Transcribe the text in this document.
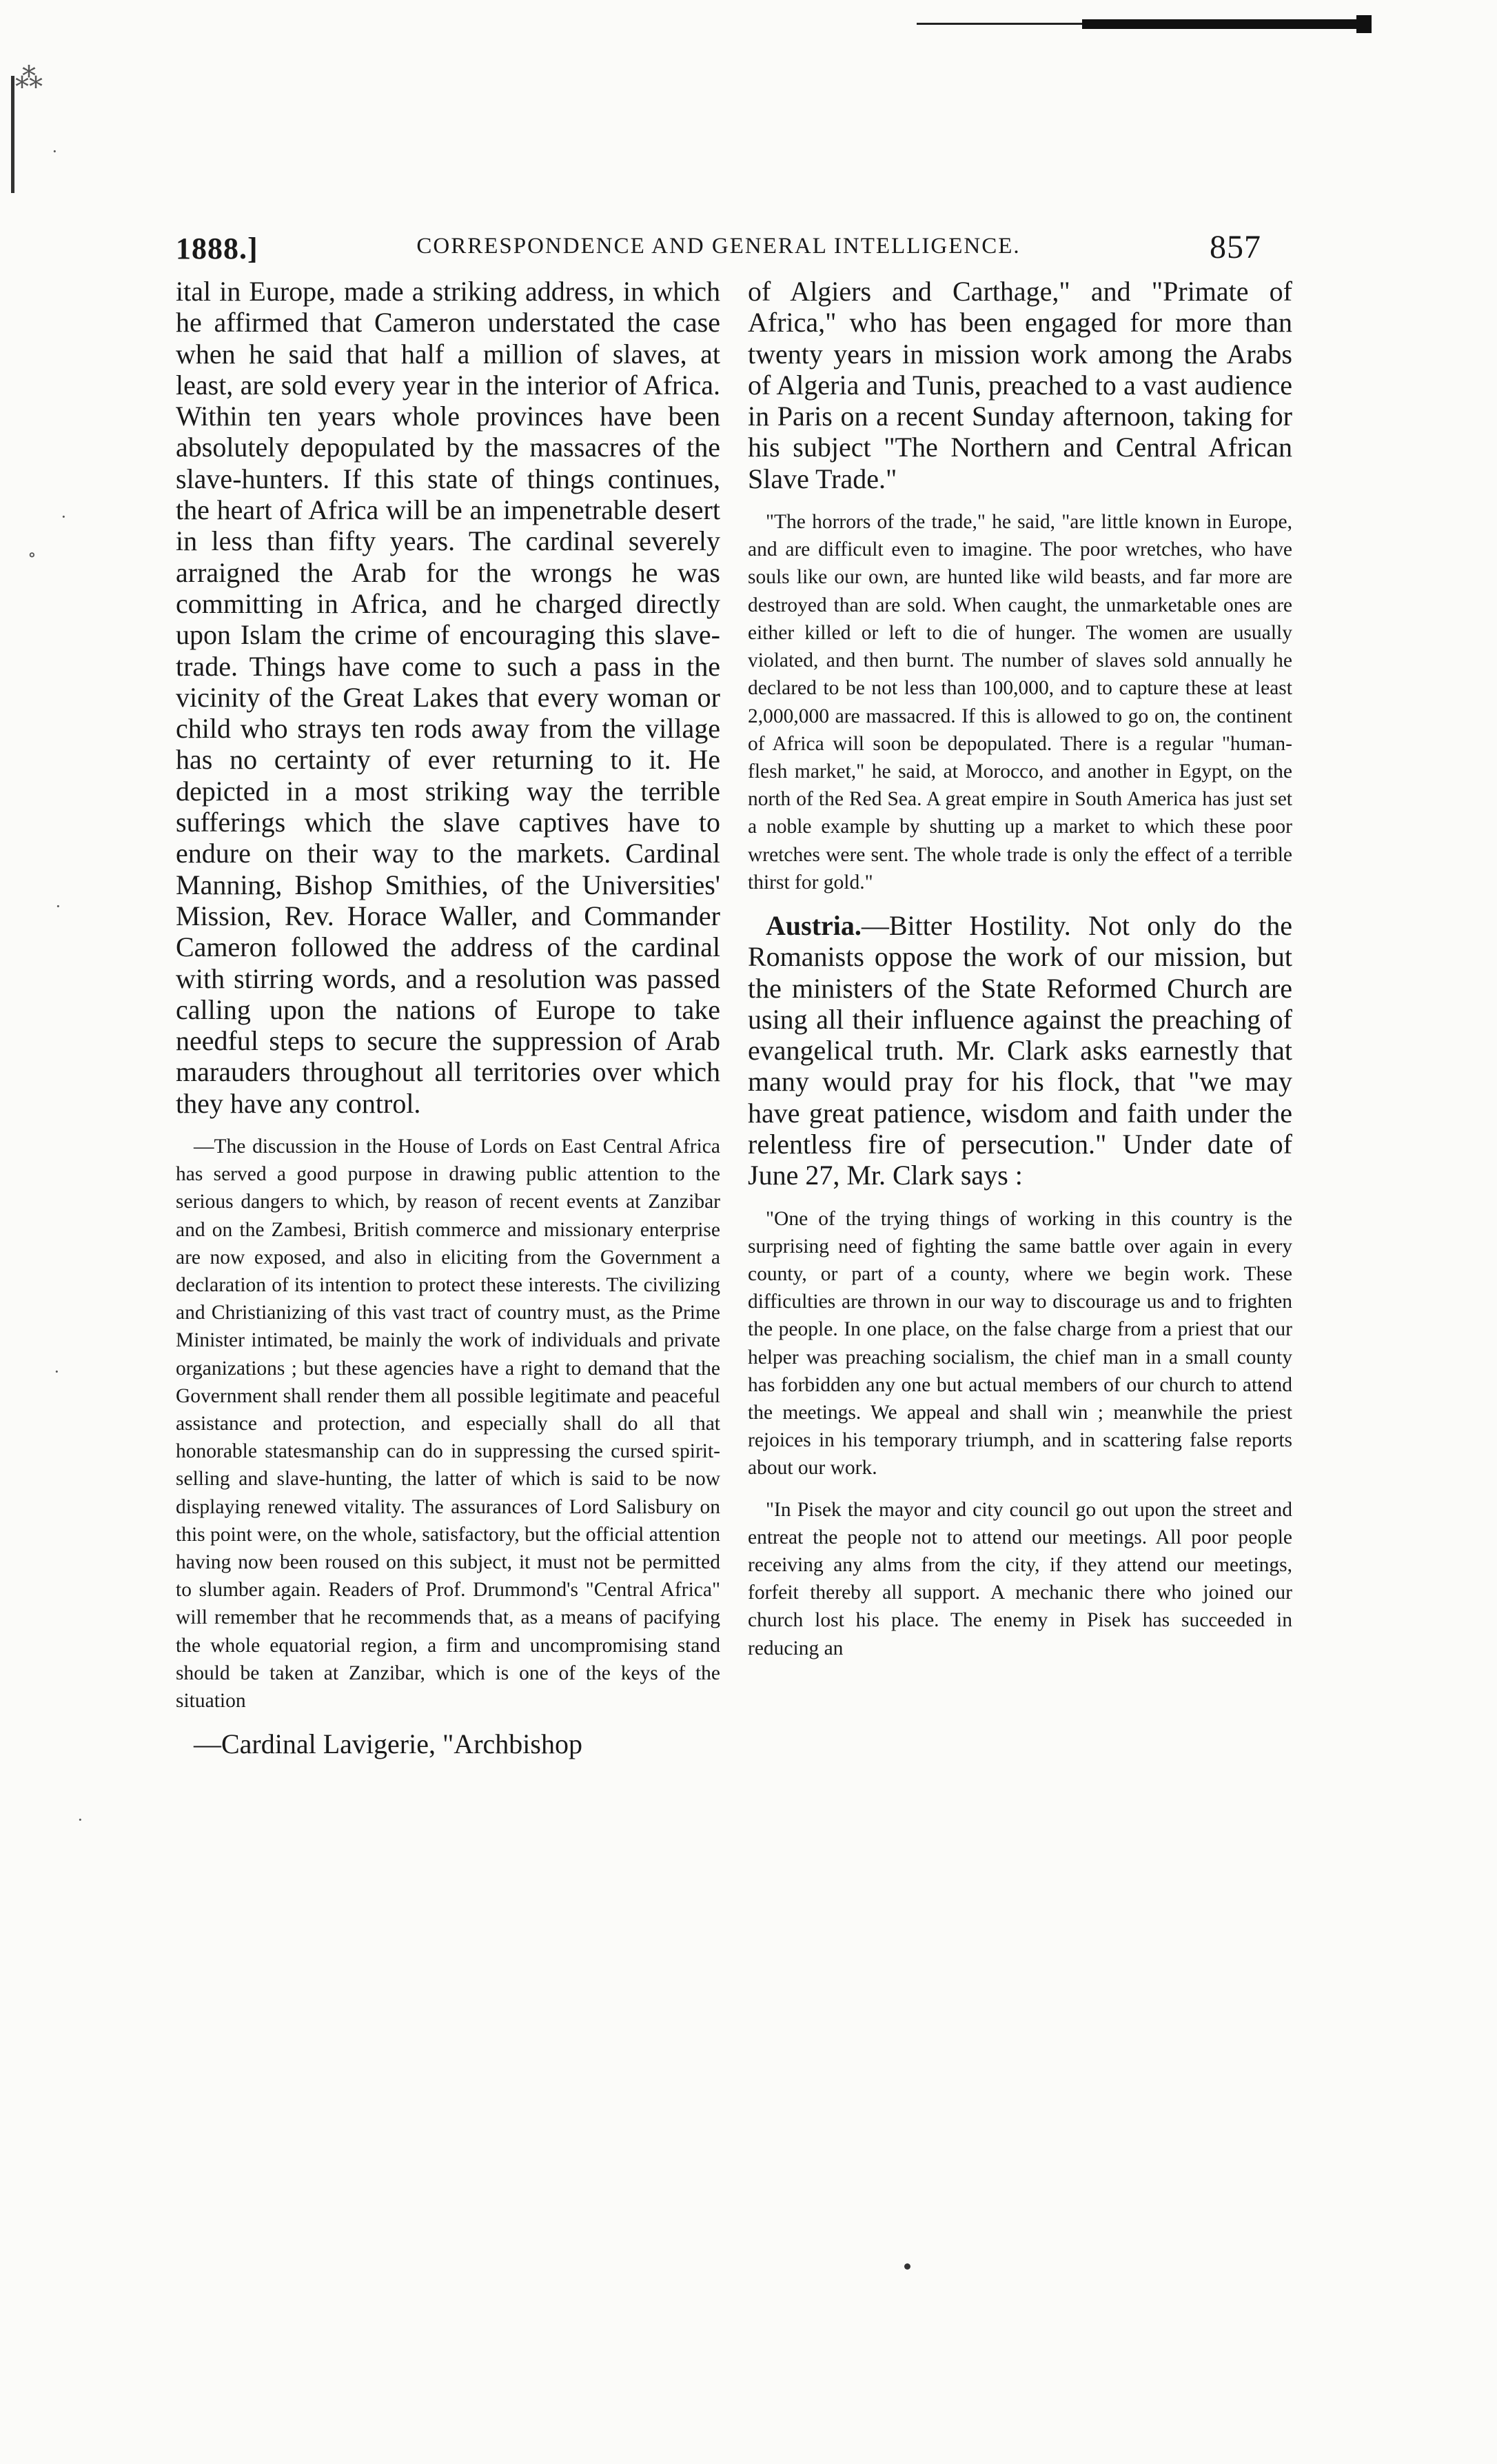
⁂
·
·
∘
·
·
·
1888.]	CORRESPONDENCE AND GENERAL INTELLIGENCE.	857

ital in Europe, made a striking address, in which he affirmed that Cameron understated the case when he said that half a million of slaves, at least, are sold every year in the interior of Africa. Within ten years whole provinces have been absolutely depopulated by the massacres of the slave-hunters. If this state of things continues, the heart of Africa will be an impenetrable desert in less than fifty years. The cardinal severely arraigned the Arab for the wrongs he was committing in Africa, and he charged directly upon Islam the crime of encouraging this slave-trade. Things have come to such a pass in the vicinity of the Great Lakes that every woman or child who strays ten rods away from the village has no certainty of ever returning to it. He depicted in a most striking way the terrible sufferings which the slave captives have to endure on their way to the markets. Cardinal Manning, Bishop Smithies, of the Universities' Mission, Rev. Horace Waller, and Commander Cameron followed the address of the cardinal with stirring words, and a resolution was passed calling upon the nations of Europe to take needful steps to secure the suppression of Arab marauders throughout all territories over which they have any control.

—The discussion in the House of Lords on East Central Africa has served a good purpose in drawing public attention to the serious dangers to which, by reason of recent events at Zanzibar and on the Zambesi, British commerce and missionary enterprise are now exposed, and also in eliciting from the Government a declaration of its intention to protect these interests. The civilizing and Christianizing of this vast tract of country must, as the Prime Minister intimated, be mainly the work of individuals and private organizations ; but these agencies have a right to demand that the Government shall render them all possible legitimate and peaceful assistance and protection, and especially shall do all that honorable statesmanship can do in suppressing the cursed spirit-selling and slave-hunting, the latter of which is said to be now displaying renewed vitality. The assurances of Lord Salisbury on this point were, on the whole, satisfactory, but the official attention having now been roused on this subject, it must not be permitted to slumber again. Readers of Prof. Drummond's "Central Africa" will remember that he recommends that, as a means of pacifying the whole equatorial region, a firm and uncompromising stand should be taken at Zanzibar, which is one of the keys of the situation

—Cardinal Lavigerie, "Archbishop

of Algiers and Carthage," and "Primate of Africa," who has been engaged for more than twenty years in mission work among the Arabs of Algeria and Tunis, preached to a vast audience in Paris on a recent Sunday afternoon, taking for his subject "The Northern and Central African Slave Trade."

"The horrors of the trade," he said, "are little known in Europe, and are difficult even to imagine. The poor wretches, who have souls like our own, are hunted like wild beasts, and far more are destroyed than are sold. When caught, the unmarketable ones are either killed or left to die of hunger. The women are usually violated, and then burnt. The number of slaves sold annually he declared to be not less than 100,000, and to capture these at least 2,000,000 are massacred. If this is allowed to go on, the continent of Africa will soon be depopulated. There is a regular "human-flesh market," he said, at Morocco, and another in Egypt, on the north of the Red Sea. A great empire in South America has just set a noble example by shutting up a market to which these poor wretches were sent. The whole trade is only the effect of a terrible thirst for gold."

Austria.—Bitter Hostility. Not only do the Romanists oppose the work of our mission, but the ministers of the State Reformed Church are using all their influence against the preaching of evangelical truth. Mr. Clark asks earnestly that many would pray for his flock, that "we may have great patience, wisdom and faith under the relentless fire of persecution." Under date of June 27, Mr. Clark says :

"One of the trying things of working in this country is the surprising need of fighting the same battle over again in every county, or part of a county, where we begin work. These difficulties are thrown in our way to discourage us and to frighten the people. In one place, on the false charge from a priest that our helper was preaching socialism, the chief man in a small county has forbidden any one but actual members of our church to attend the meetings. We appeal and shall win ; meanwhile the priest rejoices in his temporary triumph, and in scattering false reports about our work.

"In Pisek the mayor and city council go out upon the street and entreat the people not to attend our meetings. All poor people receiving any alms from the city, if they attend our meetings, forfeit thereby all support. A mechanic there who joined our church lost his place. The enemy in Pisek has succeeded in reducing an
